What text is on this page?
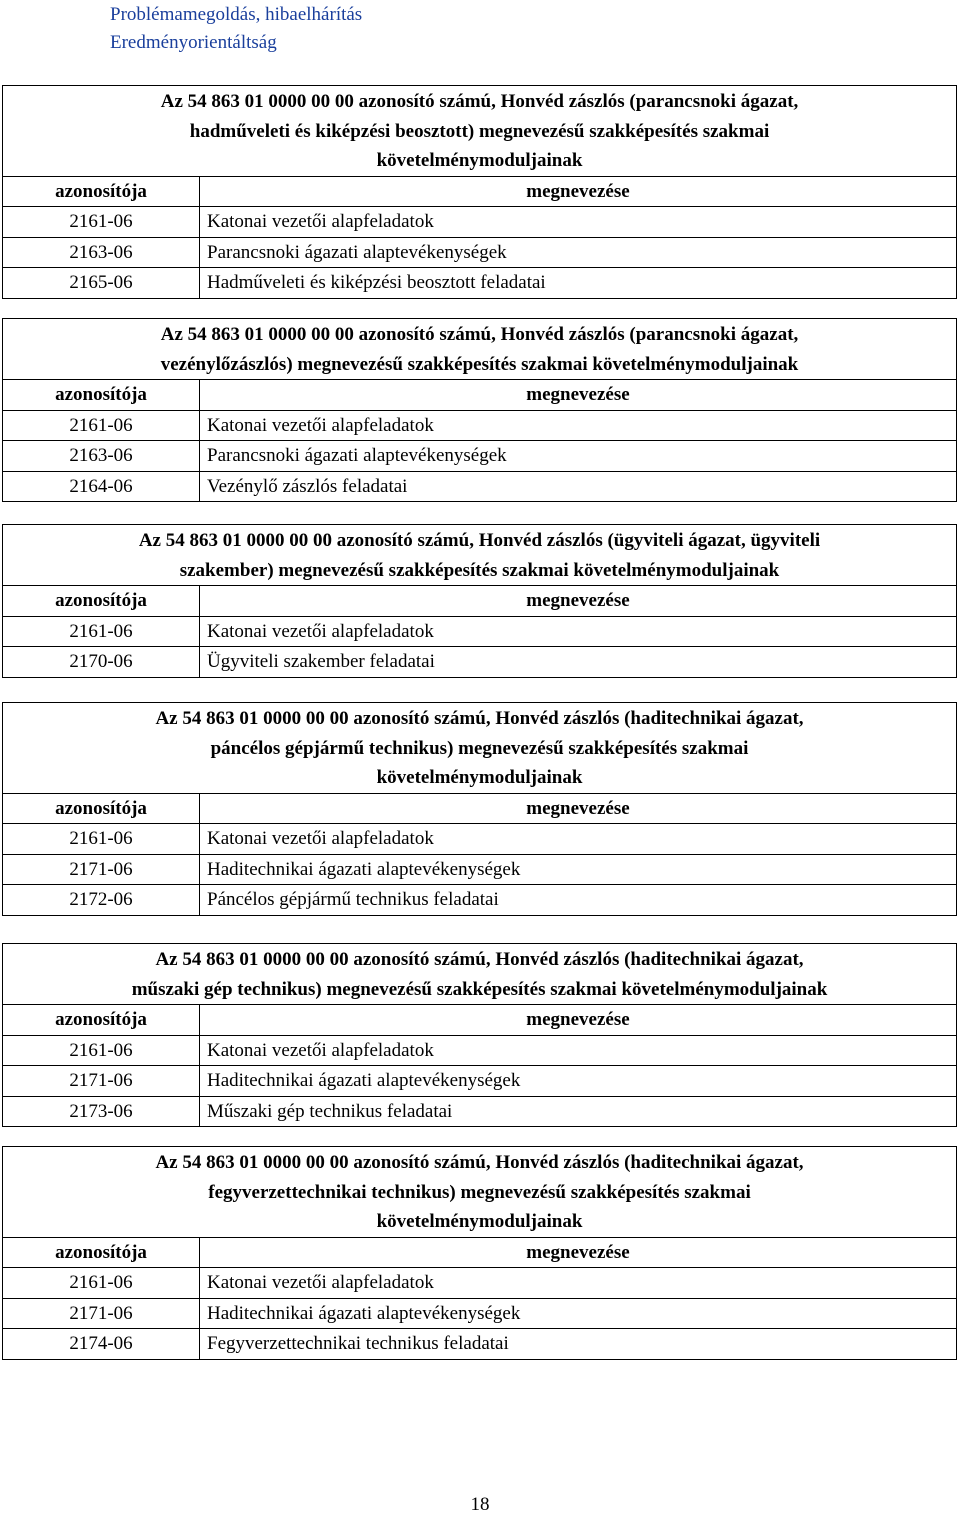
Problémamegoldás, hibaelhárítás
Eredményorientáltság
Az 54 863 01 0000 00 00 azonosító számú, Honvéd zászlós (parancsnoki ágazat,
hadműveleti és kiképzési beosztott) megnevezésű szakképesítés szakmai
követelménymoduljainak
azonosítója	megnevezése
2161-06	Katonai vezetői alapfeladatok
2163-06	Parancsnoki ágazati alaptevékenységek
2165-06	Hadműveleti és kiképzési beosztott feladatai
Az 54 863 01 0000 00 00 azonosító számú, Honvéd zászlós (parancsnoki ágazat,
vezénylőzászlós) megnevezésű szakképesítés szakmai követelménymoduljainak
azonosítója	megnevezése
2161-06	Katonai vezetői alapfeladatok
2163-06	Parancsnoki ágazati alaptevékenységek
2164-06	Vezénylő zászlós feladatai
Az 54 863 01 0000 00 00 azonosító számú, Honvéd zászlós (ügyviteli ágazat, ügyviteli
szakember) megnevezésű szakképesítés szakmai követelménymoduljainak
azonosítója	megnevezése
2161-06	Katonai vezetői alapfeladatok
2170-06	Ügyviteli szakember feladatai
Az 54 863 01 0000 00 00 azonosító számú, Honvéd zászlós (haditechnikai ágazat,
páncélos gépjármű technikus) megnevezésű szakképesítés szakmai
követelménymoduljainak
azonosítója	megnevezése
2161-06	Katonai vezetői alapfeladatok
2171-06	Haditechnikai ágazati alaptevékenységek
2172-06	Páncélos gépjármű technikus feladatai
Az 54 863 01 0000 00 00 azonosító számú, Honvéd zászlós (haditechnikai ágazat,
műszaki gép technikus) megnevezésű szakképesítés szakmai követelménymoduljainak
azonosítója	megnevezése
2161-06	Katonai vezetői alapfeladatok
2171-06	Haditechnikai ágazati alaptevékenységek
2173-06	Műszaki gép technikus feladatai
Az 54 863 01 0000 00 00 azonosító számú, Honvéd zászlós (haditechnikai ágazat,
fegyverzettechnikai technikus) megnevezésű szakképesítés szakmai
követelménymoduljainak
azonosítója	megnevezése
2161-06	Katonai vezetői alapfeladatok
2171-06	Haditechnikai ágazati alaptevékenységek
2174-06	Fegyverzettechnikai technikus feladatai
18
